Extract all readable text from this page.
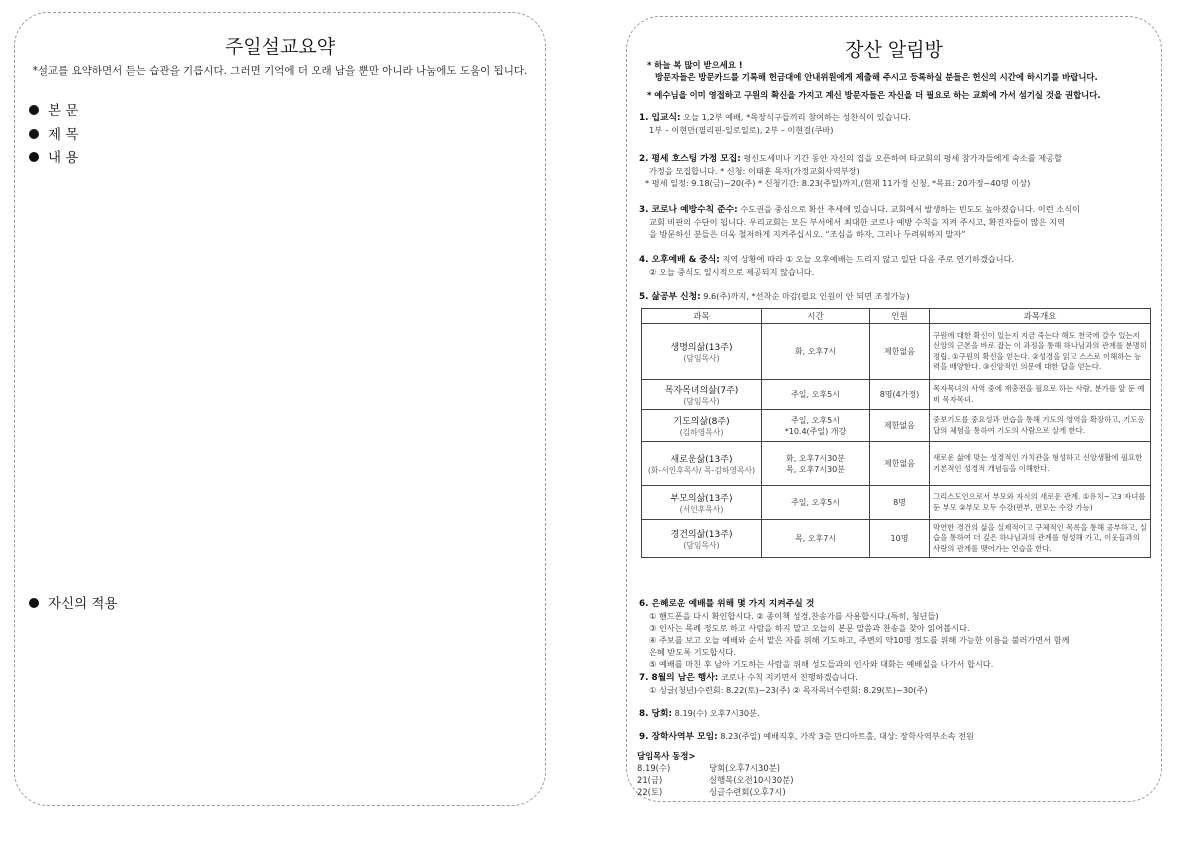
주일설교요약
*설교를 요약하면서 듣는 습관을 기릅시다. 그러면 기억에 더 오래 남을 뿐만 아니라 나눔에도 도움이 됩니다.
본 문
제 목
내 용
자신의 적용
장산 알림방
* 하늘 복 많이 받으세요 !
방문자들은 방문카드를 기록해 헌금대에 안내위원에게 제출해 주시고 등록하실 분들은 헌신의 시간에 하시기를 바랍니다.
* 예수님을 이미 영접하고 구원의 확신을 가지고 계신 방문자들은 자신을 더 필요로 하는 교회에 가서 섬기실 것을 권합니다.
1. 입교식: 오늘 1,2부 예배, *목장식구들끼리 참여하는 성찬식이 있습니다.
1부 – 이현만(필리핀-일로일로), 2부 – 이현걸(쿠바)
2. 평세 호스팅 가정 모집: 평신도세미나 기간 동안 자신의 집을 오픈하여 타교회의 평세 참가자들에게 숙소를 제공할
가정을 모집합니다. * 신청: 이태훈 목자(가정교회사역부장)
* 평세 일정: 9.18(금)~20(주) * 신청기간: 8.23(주일)까지,(현재 11가정 신청, *목표: 20가정~40명 이상)
3. 코로나 예방수칙 준수: 수도권을 중심으로 확산 추세에 있습니다. 교회에서 발생하는 빈도도 높아졌습니다. 이런 소식이
교회 비판의 수단이 됩니다. 우리교회는 모든 부서에서 최대한 코로나 예방 수칙을 지켜 주시고, 확진자들이 많은 지역
을 방문하신 분들은 더욱 철저하게 지켜주십시오. “조심을 하자, 그러나 두려워하지 말자”
4. 오후예배 & 중식: 지역 상황에 따라 ① 오늘 오후예배는 드리지 않고 일단 다음 주로 연기하겠습니다.
② 오늘 중식도 일시적으로 제공되지 않습니다.
5. 삶공부 신청: 9.6(주)까지, *선착순 마감(필요 인원이 안 되면 조정가능)
과목	시간	인원	과목개요

생명의삶(13주)
(담임목사)	화, 오후7시	제한없음	구원에 대한 확신이 있는지 지금 죽는다 해도 천국에 갈수 있는지 신앙의 근본을 바로 잡는 이 과정을 통해 하나님과의 관계를 분명히 정립. ①구원의 확신을 얻는다. ②성경을 읽고 스스로 이해하는 능력을 배양한다. ③신앙적인 의문에 대한 답을 얻는다.

목자목녀의삶(7주)
(담임목사)	주일, 오후5시	8명(4가정)	목자목녀의 사역 중에 재충전을 필요로 하는 사람, 분가를 앞 둔 예비 목자목녀.

기도의삶(8주)
(김하영목사)	주일, 오후5시
*10.4(주일) 개강	제한없음	중보기도를 중요성과 연습을 통해 기도의 영역을 확장하고, 기도응답의 체험을 통하여 기도의 사람으로 살게 한다.

새로운삶(13주)
(화-서인후목사/ 목-김하영목사)	화, 오후7시30분
목, 오후7시30분	제한없음	새로운 삶에 맞는 성경적인 가치관을 형성하고 신앙생활에 필요한 기본적인 성경적 개념들을 이해한다.

부모의삶(13주)
(서인후목사)	주일, 오후5시	8명	그리스도인으로서 부모와 자식의 새로운 관계. ①유치~고3 자녀를 둔 부모 ②부모 모두 수강(편부, 편모는 수강 가능)

경건의삶(13주)
(담임목사)	목, 오후7시	10명	막연한 경건의 삶을 실제적이고 구체적인 목록을 통해 공부하고, 실습을 통하여 더 깊은 하나님과의 관계를 형성해 가고, 이웃들과의 사랑의 관계를 맺어가는 연습을 한다.
6. 은혜로운 예배를 위해 몇 가지 지켜주실 것
① 핸드폰을 다시 확인합시다. ② 종이책 성경,찬송가를 사용합시다.(특히, 청년들)
③ 인사는 목례 정도로 하고 사람을 하지 말고 오늘의 본문 말씀과 찬송을 찾아 읽어봅시다.
④ 주보를 보고 오늘 예배와 순서 맡은 자를 위해 기도하고, 주변의 약10명 정도를 위해 가능한 이름을 불러가면서 함께
은혜 받도록 기도합시다.
⑤ 예배를 마친 후 남아 기도하는 사람을 위해 성도들과의 인사와 대화는 예배실을 나가서 합시다.
7. 8월의 남은 행사: 코로나 수칙 지키면서 진행하겠습니다.
① 싱글(청년)수련회: 8.22(토)~23(주) ② 목자목녀수련회: 8.29(토)~30(주)
8. 당회: 8.19(수) 오후7시30분.
9. 장학사역부 모임: 8.23(주일) 예배직후, 가작 3층 만디아트홀, 대상: 장학사역부소속 전원
담임목사 동정>
8.19(수)	당회(오후7시30분)
21(금)	실행목(오전10시30분)
22(토)	싱글수련회(오후7시)
